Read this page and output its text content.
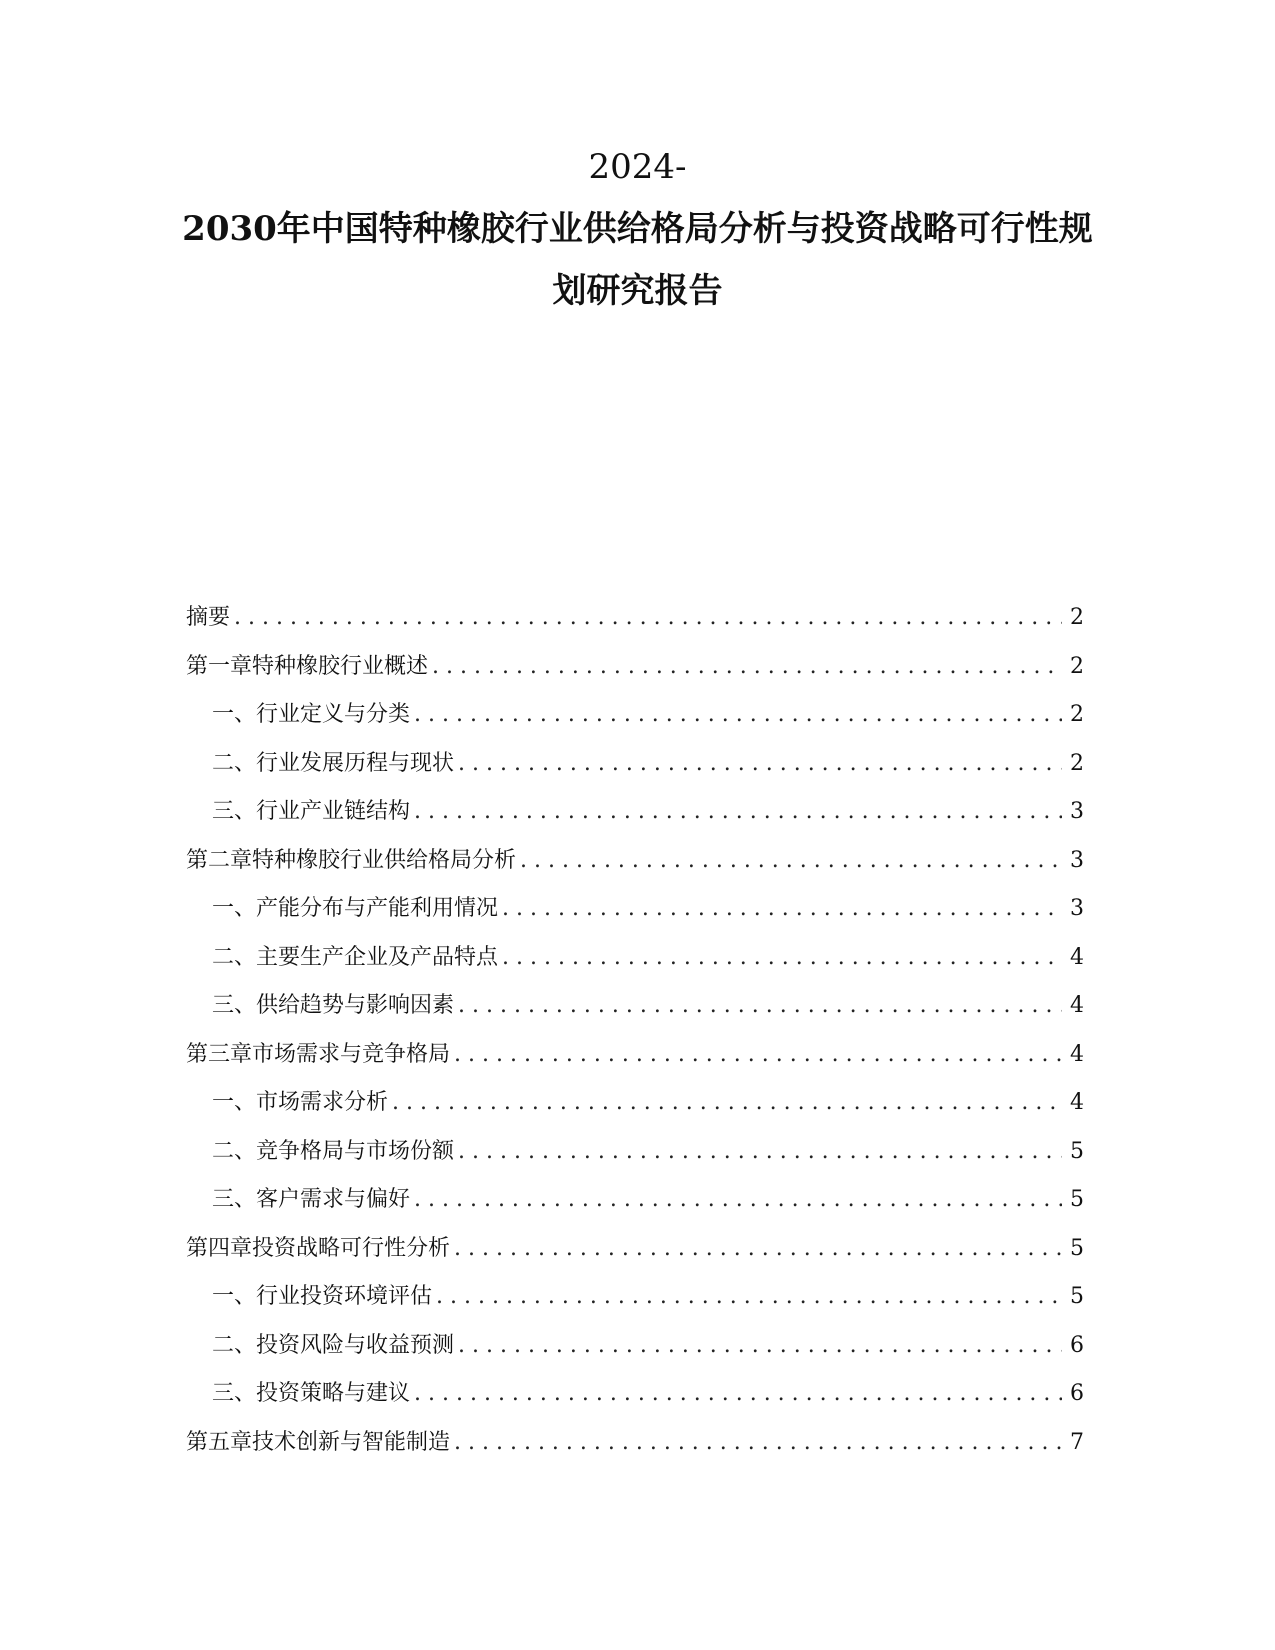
2024-
2030年中国特种橡胶行业供给格局分析与投资战略可行性规
划研究报告
摘要 . . .	2
第一章 特种橡胶行业概述 . . .	2
一、 行业定义与分类 . . .	2
二、 行业发展历程与现状 . . .	2
三、 行业产业链结构 . . .	3
第二章 特种橡胶行业供给格局分析 . . .	3
一、 产能分布与产能利用情况 . . .	3
二、 主要生产企业及产品特点 . . .	4
三、 供给趋势与影响因素 . . .	4
第三章 市场需求与竞争格局 . . .	4
一、 市场需求分析 . . .	4
二、 竞争格局与市场份额 . . .	5
三、 客户需求与偏好 . . .	5
第四章 投资战略可行性分析 . . .	5
一、 行业投资环境评估 . . .	5
二、 投资风险与收益预测 . . .	6
三、 投资策略与建议 . . .	6
第五章 技术创新与智能制造 . . .	7
